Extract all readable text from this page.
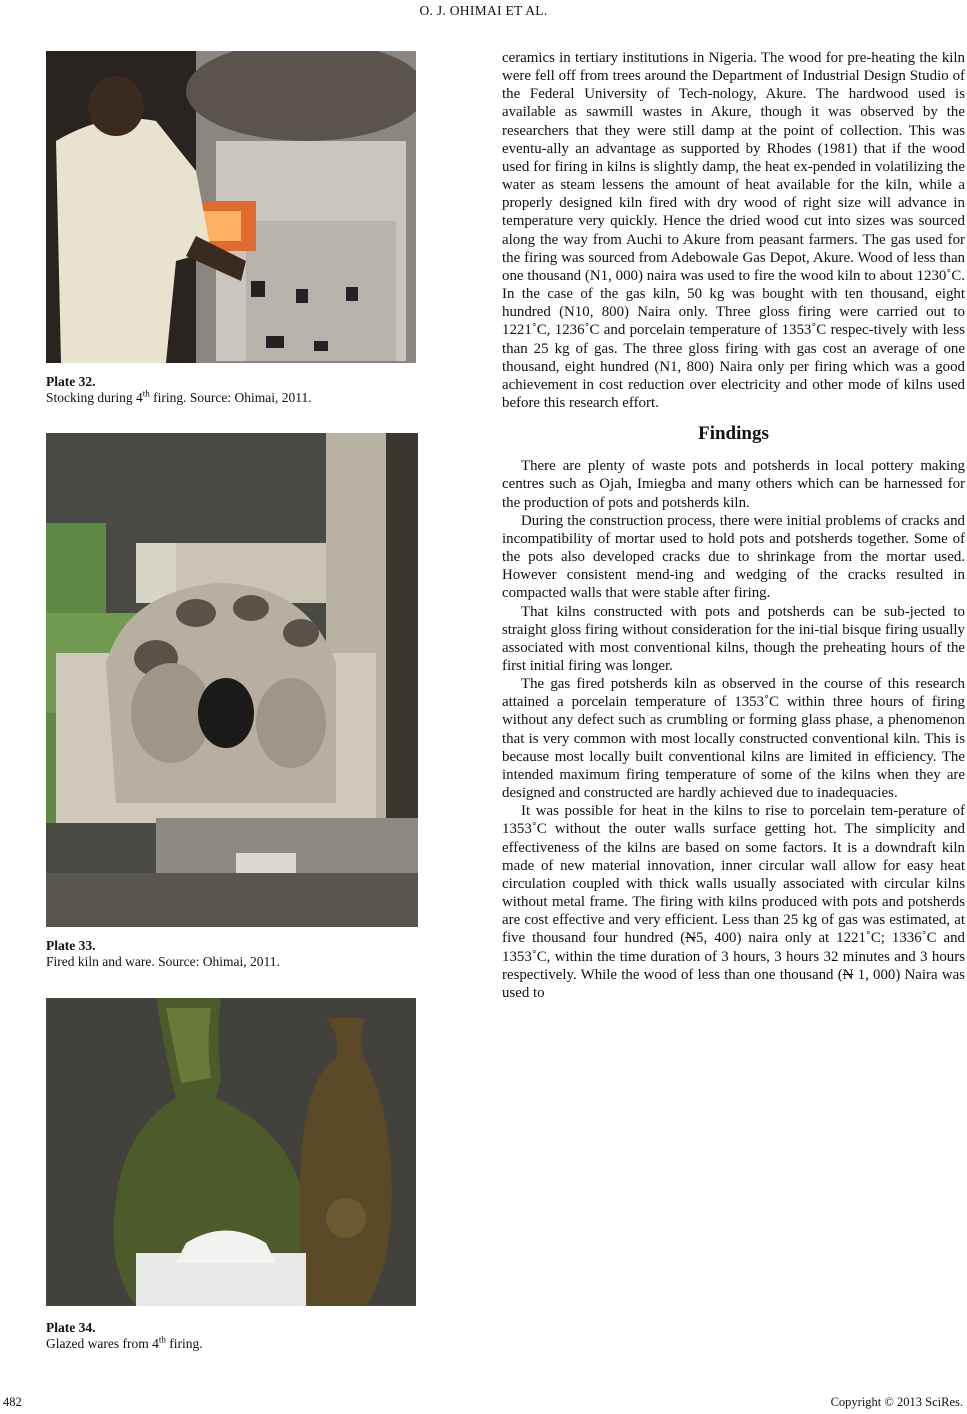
O. J. OHIMAI ET AL.
Plate 32.
Stocking during 4th firing. Source: Ohimai, 2011.
Plate 33.
Fired kiln and ware. Source: Ohimai, 2011.
Plate 34.
Glazed wares from 4th firing.

ceramics in tertiary institutions in Nigeria. The wood for pre-heating the kiln were fell off from trees around the Department of Industrial Design Studio of the Federal University of Tech-nology, Akure. The hardwood used is available as sawmill wastes in Akure, though it was observed by the researchers that they were still damp at the point of collection. This was eventu-ally an advantage as supported by Rhodes (1981) that if the wood used for firing in kilns is slightly damp, the heat ex-pended in volatilizing the water as steam lessens the amount of heat available for the kiln, while a properly designed kiln fired with dry wood of right size will advance in temperature very quickly. Hence the dried wood cut into sizes was sourced along the way from Auchi to Akure from peasant farmers. The gas used for the firing was sourced from Adebowale Gas Depot, Akure. Wood of less than one thousand (N1, 000) naira was used to fire the wood kiln to about 1230˚C. In the case of the gas kiln, 50 kg was bought with ten thousand, eight hundred (N10, 800) Naira only. Three gloss firing were carried out to 1221˚C, 1236˚C and porcelain temperature of 1353˚C respec-tively with less than 25 kg of gas. The three gloss firing with gas cost an average of one thousand, eight hundred (N1, 800) Naira only per firing which was a good achievement in cost reduction over electricity and other mode of kilns used before this research effort.

Findings

There are plenty of waste pots and potsherds in local pottery making centres such as Ojah, Imiegba and many others which can be harnessed for the production of pots and potsherds kiln.

During the construction process, there were initial problems of cracks and incompatibility of mortar used to hold pots and potsherds together. Some of the pots also developed cracks due to shrinkage from the mortar used. However consistent mend-ing and wedging of the cracks resulted in compacted walls that were stable after firing.

That kilns constructed with pots and potsherds can be sub-jected to straight gloss firing without consideration for the ini-tial bisque firing usually associated with most conventional kilns, though the preheating hours of the first initial firing was longer.

The gas fired potsherds kiln as observed in the course of this research attained a porcelain temperature of 1353˚C within three hours of firing without any defect such as crumbling or forming glass phase, a phenomenon that is very common with most locally constructed conventional kiln. This is because most locally built conventional kilns are limited in efficiency. The intended maximum firing temperature of some of the kilns when they are designed and constructed are hardly achieved due to inadequacies.

It was possible for heat in the kilns to rise to porcelain tem-perature of 1353˚C without the outer walls surface getting hot. The simplicity and effectiveness of the kilns are based on some factors. It is a downdraft kiln made of new material innovation, inner circular wall allow for easy heat circulation coupled with thick walls usually associated with circular kilns without metal frame. The firing with kilns produced with pots and potsherds are cost effective and very efficient. Less than 25 kg of gas was estimated, at five thousand four hundred (N5, 400) naira only at 1221˚C; 1336˚C and 1353˚C, within the time duration of 3 hours, 3 hours 32 minutes and 3 hours respectively. While the wood of less than one thousand (N 1, 000) Naira was used to

482	Copyright © 2013 SciRes.
